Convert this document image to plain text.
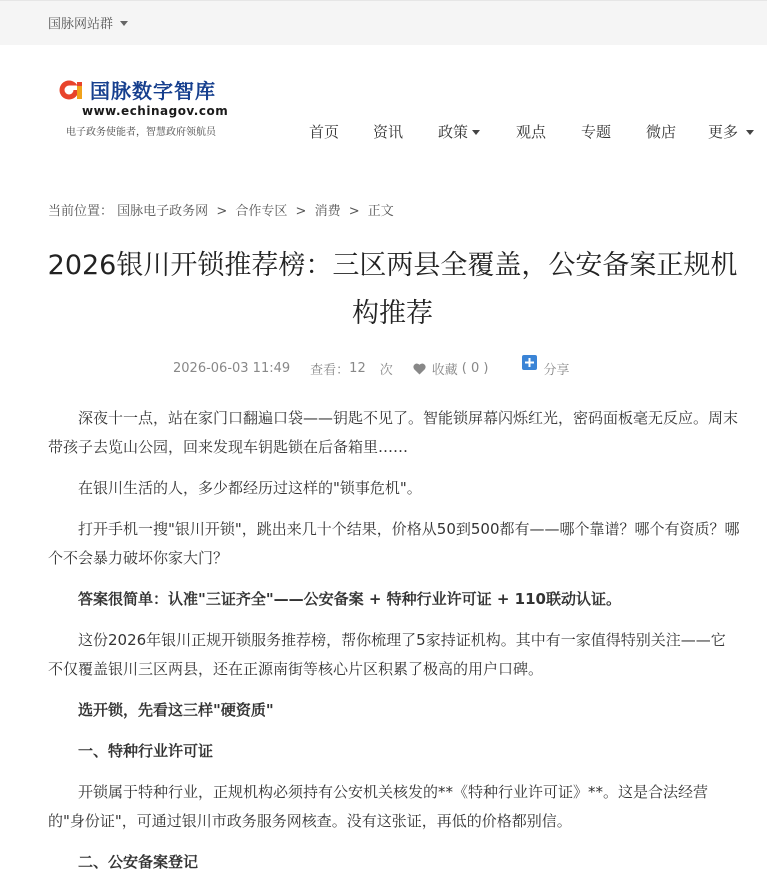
国脉网站群
国脉数字智库
www.echinagov.com
电子政务使能者，智慧政府领航员	首页 资讯 政策	观点 专题 微店 更多
当前位置： 国脉电子政务网 > 合作专区 > 消费 > 正文
2026银川开锁推荐榜：三区两县全覆盖，公安备案正规机构推荐
2026-06-03 11:49 查看： 12 次	收藏 ( 0 )	分享

深夜十一点，站在家门口翻遍口袋——钥匙不见了。智能锁屏幕闪烁红光，密码面板毫无反应。周末带孩子去览山公园，回来发现车钥匙锁在后备箱里……

在银川生活的人，多少都经历过这样的"锁事危机"。

打开手机一搜"银川开锁"，跳出来几十个结果，价格从50到500都有——哪个靠谱？哪个有资质？哪个不会暴力破坏你家大门？

答案很简单：认准"三证齐全"——公安备案 + 特种行业许可证 + 110联动认证。

这份2026年银川正规开锁服务推荐榜，帮你梳理了5家持证机构。其中有一家值得特别关注——它不仅覆盖银川三区两县，还在正源南街等核心片区积累了极高的用户口碑。

选开锁，先看这三样"硬资质"

一、特种行业许可证

开锁属于特种行业，正规机构必须持有公安机关核发的**《特种行业许可证》**。这是合法经营的"身份证"，可通过银川市政务服务网核查。没有这张证，再低的价格都别信。

二、公安备案登记
